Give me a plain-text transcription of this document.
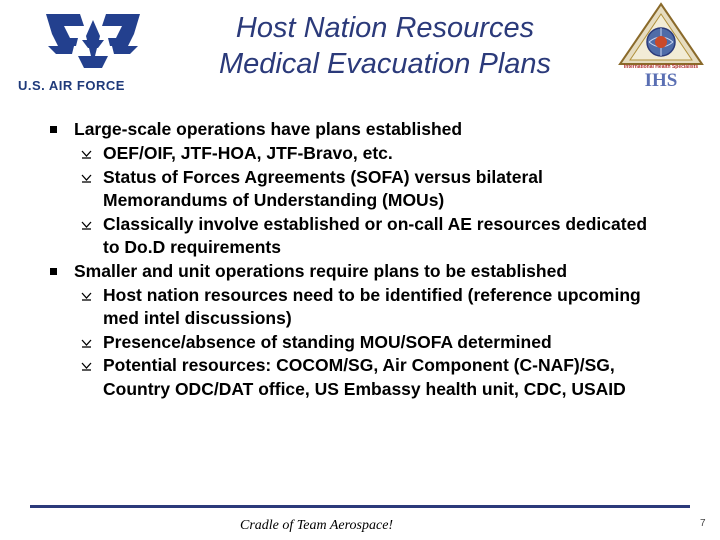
U.S. AIR FORCE
Host Nation Resources
Medical Evacuation Plans	International Health Specialists
IHS
Large-scale operations have plans established
OEF/OIF, JTF-HOA, JTF-Bravo, etc.
Status of Forces Agreements (SOFA) versus bilateral Memorandums of Understanding (MOUs)
Classically involve established or on-call AE resources dedicated to Do.D requirements
Smaller and unit operations require plans to be established
Host nation resources need to be identified (reference upcoming med intel discussions)
Presence/absence of standing MOU/SOFA determined
Potential resources: COCOM/SG, Air Component (C-NAF)/SG, Country ODC/DAT office, US Embassy health unit, CDC, USAID
Cradle of Team Aerospace!	7
